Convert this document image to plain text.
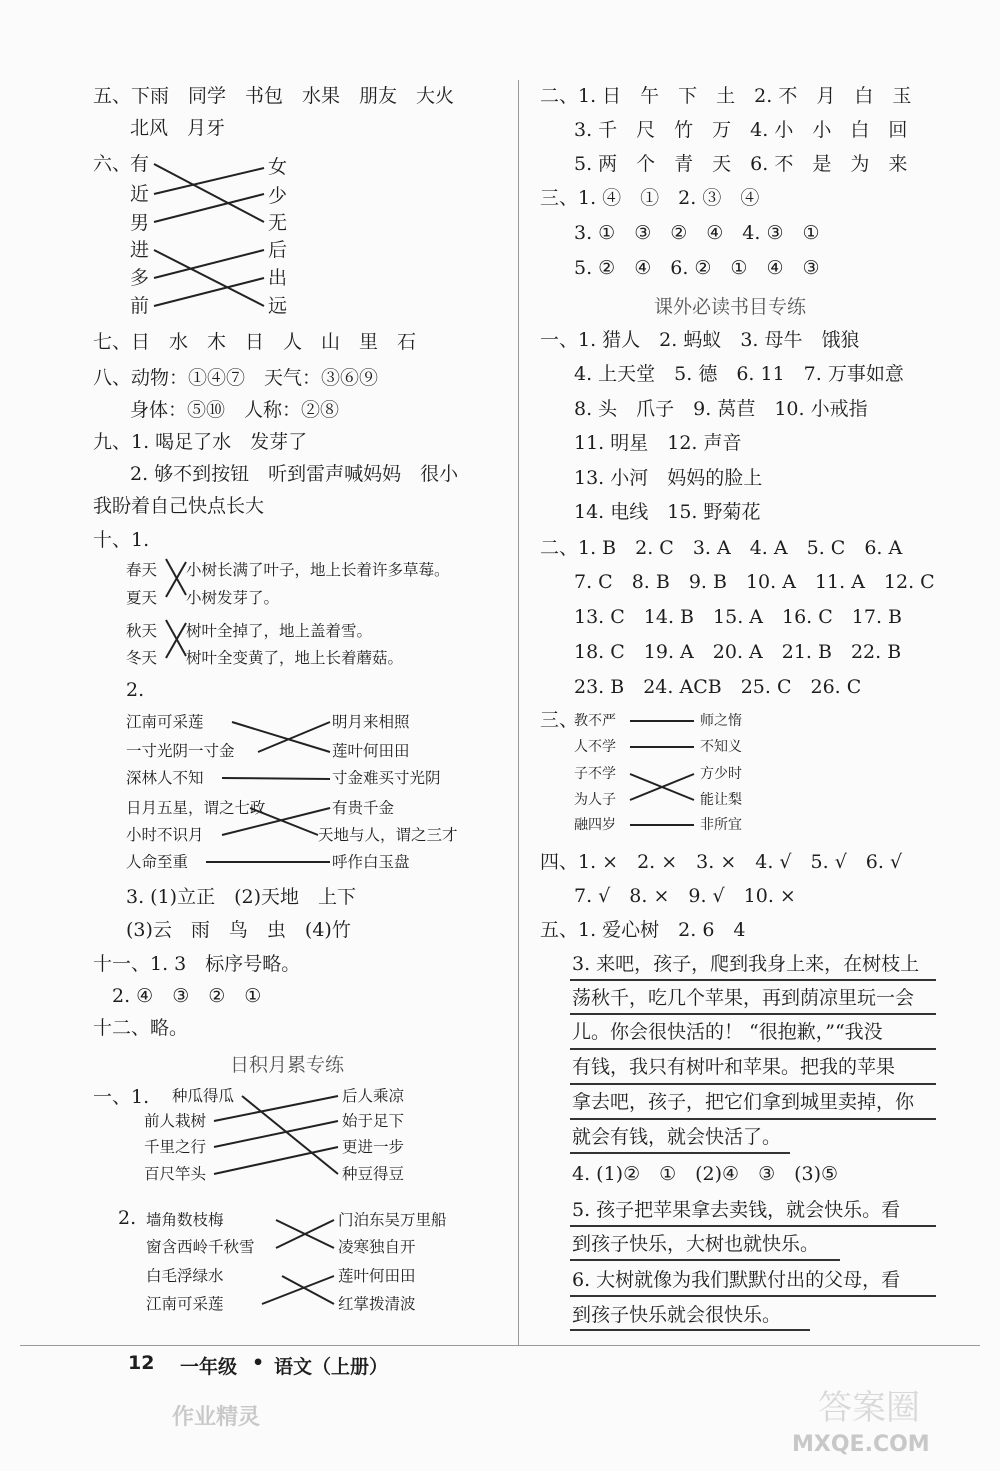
五、下雨　同学　书包　水果　朋友　大火
北风　月牙
六、
有
近
男
进
多
前
女
少
无
后
出
远
七、日　水　木　日　人　山　里　石
八、动物：①④⑦　天气：③⑥⑨
身体：⑤⑩　人称：②⑧
九、1. 喝足了水　发芽了
2. 够不到按钮　听到雷声喊妈妈　很小
我盼着自己快点长大
十、1.
春天
夏天
秋天
冬天
小树长满了叶子，地上长着许多草莓。
小树发芽了。
树叶全掉了，地上盖着雪。
树叶全变黄了，地上长着蘑菇。
2.
江南可采莲
一寸光阴一寸金
深林人不知
日月五星，谓之七政
小时不识月
人命至重
明月来相照
莲叶何田田
寸金难买寸光阴
有贵千金
天地与人，谓之三才
呼作白玉盘
3. (1)立正　(2)天地　上下
(3)云　雨　鸟　虫　(4)竹
十一、1. 3　标序号略。
2. ④　③　②　①
十二、略。
日积月累专练
一、1. 种瓜得瓜
前人栽树
千里之行
百尺竿头
后人乘凉
始于足下
更进一步
种豆得豆
2. 墙角数枝梅
窗含西岭千秋雪
白毛浮绿水
江南可采莲
门泊东吴万里船
凌寒独自开
莲叶何田田
红掌拨清波
二、1. 日　午　下　土　2. 不　月　白　玉
3. 千　尺　竹　万　4. 小　小　白　回
5. 两　个　青　天　6. 不　是　为　来
三、1. ④　①　2. ③　④
3. ①　③　②　④　4. ③　①
5. ②　④　6. ②　①　④　③
课外必读书目专练
一、1. 猎人　2. 蚂蚁　3. 母牛　饿狼
4. 上天堂　5. 德　6. 11　7. 万事如意
8. 头　爪子　9. 莴苣　10. 小戒指
11. 明星　12. 声音
13. 小河　妈妈的脸上
14. 电线　15. 野菊花
二、1. B　2. C　3. A　4. A　5. C　6. A
7. C　8. B　9. B　10. A　11. A　12. C
13. C　14. B　15. A　16. C　17. B
18. C　19. A　20. A　21. B　22. B
23. B　24. ACB　25. C　26. C
三、
教不严
人不学
子不学
为人子
融四岁
师之惰
不知义
方少时
能让梨
非所宜
四、1. ×　2. ×　3. ×　4. √　5. √　6. √
7. √　8. ×　9. √　10. ×
五、1. 爱心树　2. 6　4
3. 来吧，孩子，爬到我身上来，在树枝上
荡秋千，吃几个苹果，再到荫凉里玩一会
儿。你会很快活的！ “很抱歉，”“我没
有钱，我只有树叶和苹果。把我的苹果
拿去吧，孩子，把它们拿到城里卖掉，你
就会有钱，就会快活了。
4. (1)②　①　(2)④　③　(3)⑤
5. 孩子把苹果拿去卖钱，就会快乐。看
到孩子快乐，大树也就快乐。
6. 大树就像为我们默默付出的父母，看
到孩子快乐就会很快乐。
12 一年级 • 语文（上册）
作业精灵	答案圈
MXQE.COM
